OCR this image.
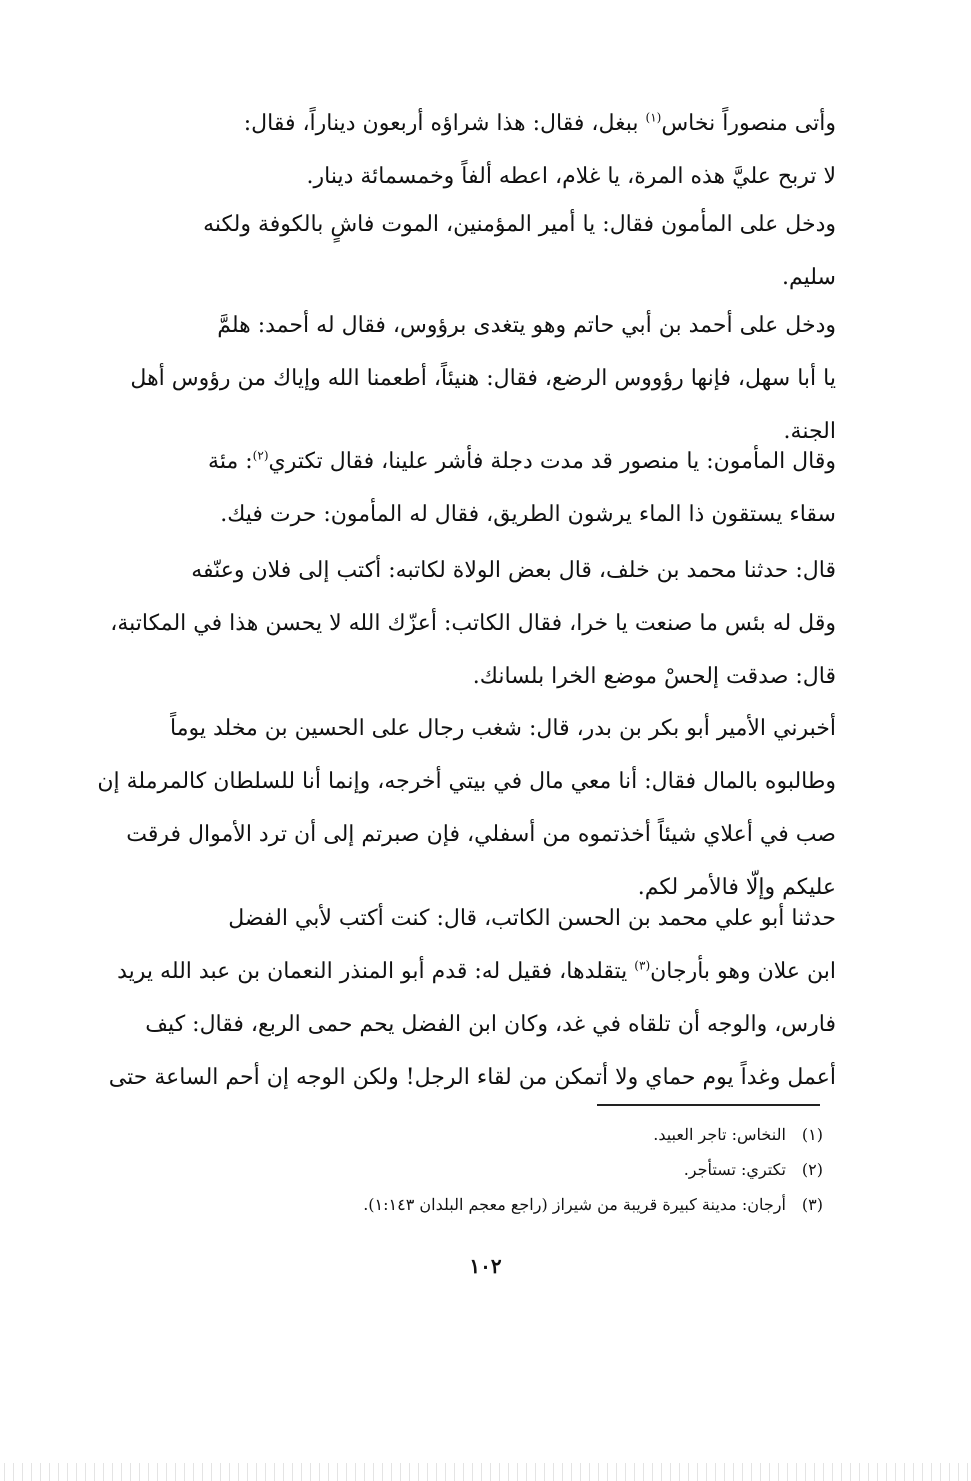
وأتى منصوراً نخاس$^{(١)}$ ببغل، فقال: هذا شراؤه أربعون ديناراً، فقال:
لا تربح عليَّ هذه المرة، يا غلام، اعطه ألفاً وخمسمائة دينار.
ودخل على المأمون فقال: يا أمير المؤمنين، الموت فاشٍ بالكوفة ولكنه
سليم.
ودخل على أحمد بن أبي حاتم وهو يتغدى برؤوس، فقال له أحمد: هلمَّ
يا أبا سهل، فإنها رؤووس الرضع، فقال: هنيئاً، أطعمنا الله وإياك من رؤوس أهل
الجنة.
وقال المأمون: يا منصور قد مدت دجلة فأشر علينا، فقال تكتري$^{(٢)}$: مئة
سقاء يستقون ذا الماء يرشون الطريق، فقال له المأمون: حرت فيك.
قال: حدثنا محمد بن خلف، قال بعض الولاة لكاتبه: أكتب إلى فلان وعنّفه
وقل له بئس ما صنعت يا خرا، فقال الكاتب: أعزّك الله لا يحسن هذا في المكاتبة،
قال: صدقت إلحسْ موضع الخرا بلسانك.
أخبرني الأمير أبو بكر بن بدر، قال: شغب رجال على الحسين بن مخلد يوماً
وطالبوه بالمال فقال: أنا معي مال في بيتي أخرجه، وإنما أنا للسلطان كالمرملة إن
صب في أعلاي شيئاً أخذتموه من أسفلي، فإن صبرتم إلى أن ترد الأموال فرقت
عليكم وإلّا فالأمر لكم.
حدثنا أبو علي محمد بن الحسن الكاتب، قال: كنت أكتب لأبي الفضل
ابن علان وهو بأرجان$^{(٣)}$ يتقلدها، فقيل له: قدم أبو المنذر النعمان بن عبد الله يريد
فارس، والوجه أن تلقاه في غد، وكان ابن الفضل يحم حمى الربع، فقال: كيف
أعمل وغداً يوم حماي ولا أتمكن من لقاء الرجل! ولكن الوجه إن أحم الساعة حتى
(١) النخاس: تاجر العبيد.
(٢) تكتري: تستأجر.
(٣) أرجان: مدينة كبيرة قريبة من شيراز (راجع معجم البلدان ١:١٤٣).
١٠٢
